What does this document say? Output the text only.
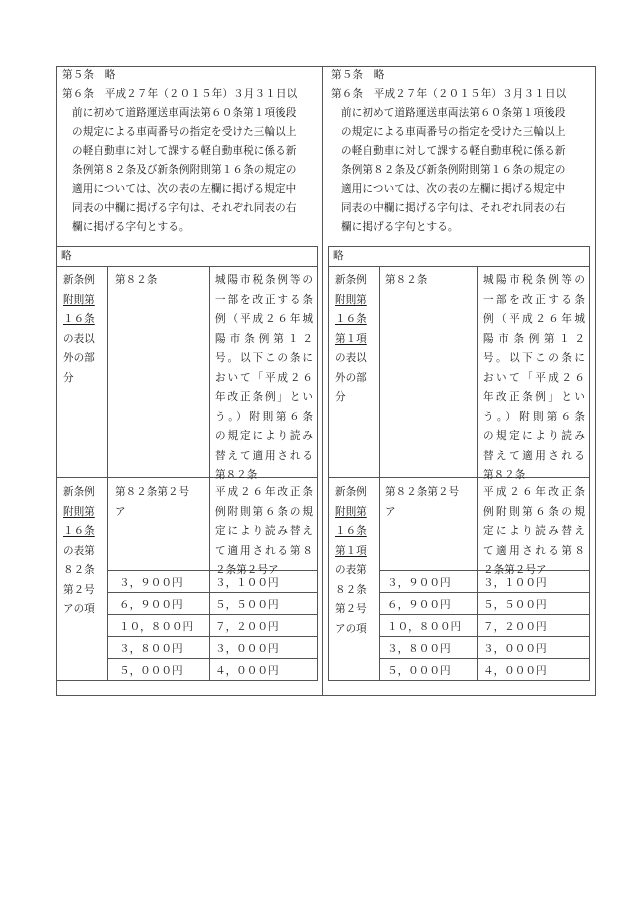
第５条　略
第６条　平成２７年（２０１５年）３月３１日以
前に初めて道路運送車両法第６０条第１項後段
の規定による車両番号の指定を受けた三輪以上
の軽自動車に対して課する軽自動車税に係る新
条例第８２条及び新条例附則第１６条の規定の
適用については、次の表の左欄に掲げる規定中
同表の中欄に掲げる字句は、それぞれ同表の右
欄に掲げる字句とする。
略
新条例
附則第
１６条
の表以
外の部
分
第８２条	城陽市税条例等の
一部を改正する条
例（平成２６年城
陽市条例第１２
号。以下この条に
おいて「平成２６
年改正条例」とい
う。）附則第６条
の規定により読み
替えて適用される
第８２条
新条例
附則第
１６条
の表第
８２条
第２号
アの項
第８２条第２号
ア
平成２６年改正条
例附則第６条の規
定により読み替え
て適用される第８
２条第２号ア
３，９００円
６，９００円
１０，８００円
３，８００円
５，０００円
３，１００円
５，５００円
７，２００円
３，０００円
４，０００円
第５条　略
第６条　平成２７年（２０１５年）３月３１日以
前に初めて道路運送車両法第６０条第１項後段
の規定による車両番号の指定を受けた三輪以上
の軽自動車に対して課する軽自動車税に係る新
条例第８２条及び新条例附則第１６条の規定の
適用については、次の表の左欄に掲げる規定中
同表の中欄に掲げる字句は、それぞれ同表の右
欄に掲げる字句とする。
略
新条例
附則第
１６条
第１項
の表以
外の部
分
第８２条	城陽市税条例等の
一部を改正する条
例（平成２６年城
陽市条例第１２
号。以下この条に
おいて「平成２６
年改正条例」とい
う。）附則第６条
の規定により読み
替えて適用される
第８２条
新条例
附則第
１６条
第１項
の表第
８２条
第２号
アの項
第８２条第２号
ア
平成２６年改正条
例附則第６条の規
定により読み替え
て適用される第８
２条第２号ア
３，９００円
６，９００円
１０，８００円
３，８００円
５，０００円
３，１００円
５，５００円
７，２００円
３，０００円
４，０００円
